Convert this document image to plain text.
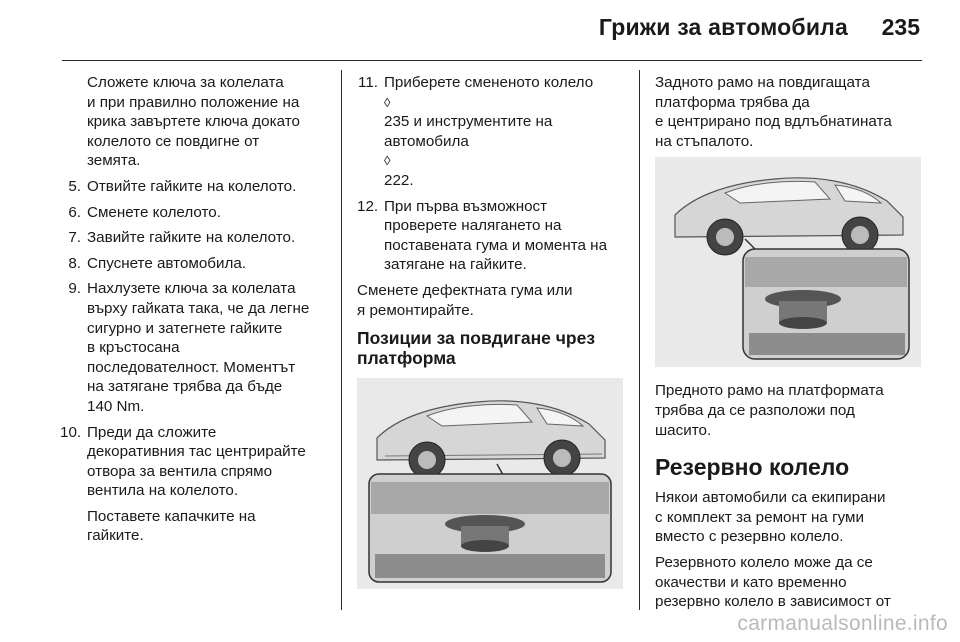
Грижи за автомобила 235

Сложете ключа за колелата
и при правилно положение на
крика завъртете ключа докато
колелото се повдигне от
земята.

5. Отвийте гайките на колелото.
6. Сменете колелото.
7. Завийте гайките на колелото.
8. Спуснете автомобила.
9. Нахлузете ключа за колелата
върху гайката така, че да легне
сигурно и затегнете гайките
в кръстосана
последователност. Моментът
на затягане трябва да бъде
140 Nm.
10. Преди да сложите
декоративния тас центрирайте
отвора за вентила спрямо
вентила на колелото.

Поставете капачките на
гайките.

11. Приберете смененото колело
◊
235 и инструментите на
автомобила
◊
222.
12. При първа възможност
проверете налягането на
поставената гума и момента на
затягане на гайките.

Сменете дефектната гума или
я ремонтирайте.

Позиции за повдигане чрез
платформа

Задното рамо на повдигащата
платформа трябва да
е центрирано под вдлъбнатината
на стъпалото.

Предното рамо на платформата
трябва да се разположи под
шасито.

Резервно колело

Някои автомобили са екипирани
с комплект за ремонт на гуми
вместо с резервно колело.

Резервното колело може да се
окачестви и като временно
резервно колело в зависимост от

carmanualsonline.info
